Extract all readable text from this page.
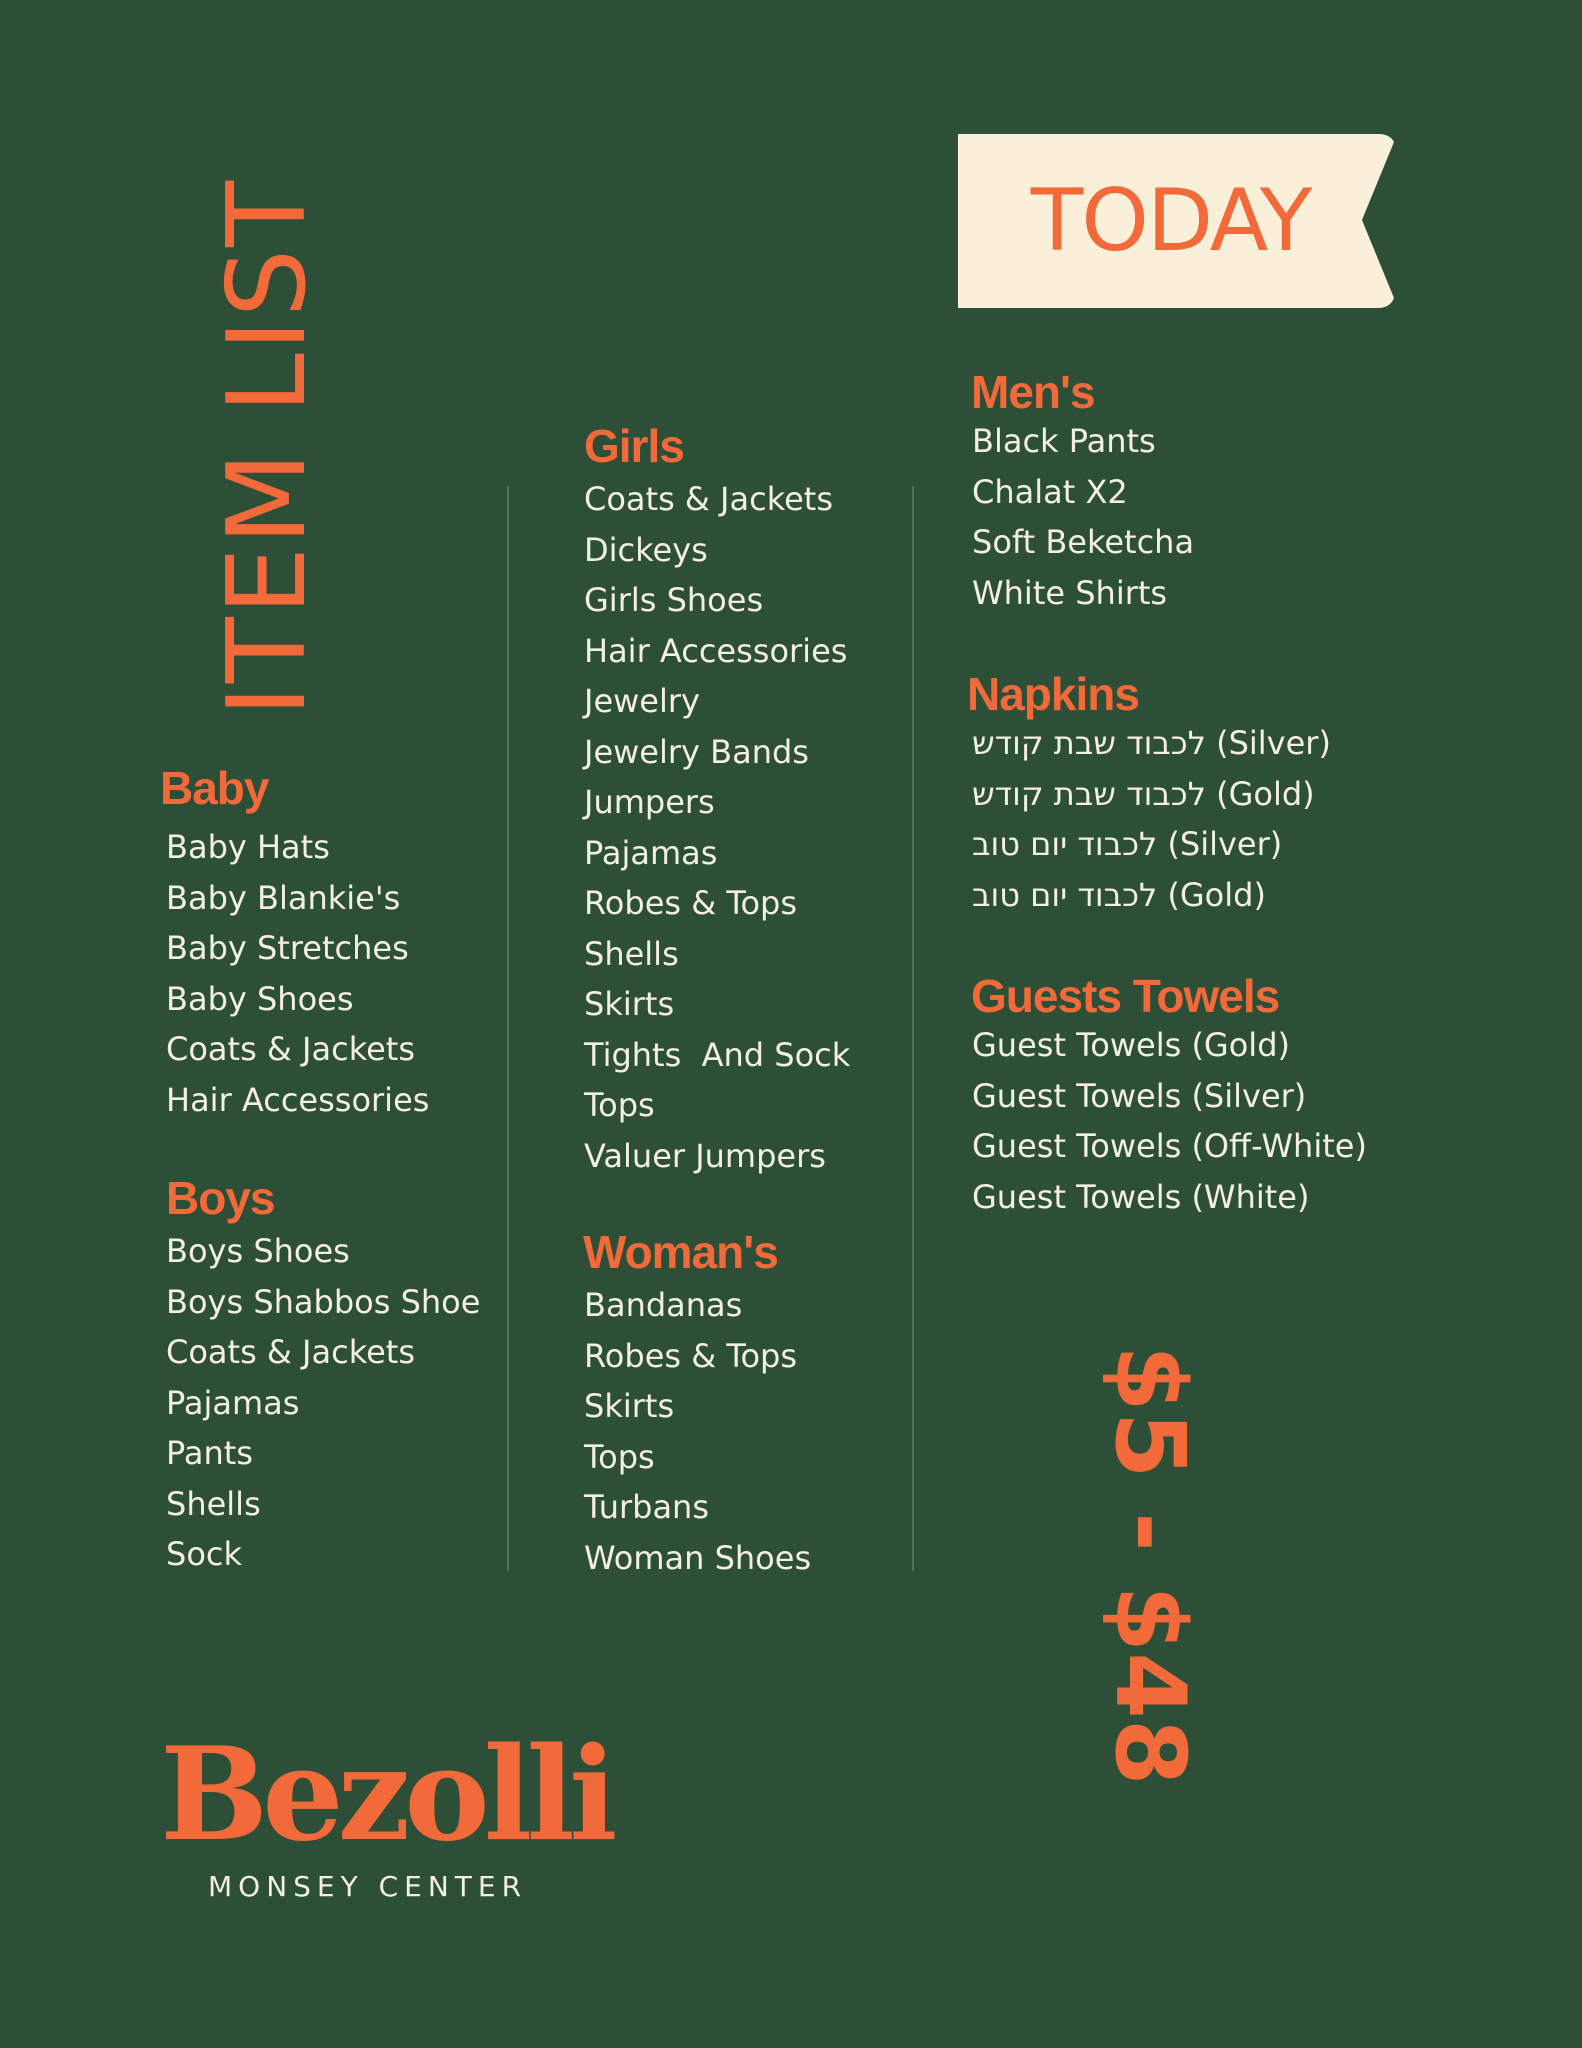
ITEM LIST	TODAY
Baby
Baby Hats
Baby Blankie's
Baby Stretches
Baby Shoes
Coats & Jackets
Hair Accessories
Boys
Boys Shoes
Boys Shabbos Shoe
Coats & Jackets
Pajamas
Pants
Shells
Sock
Girls
Coats & Jackets
Dickeys
Girls Shoes
Hair Accessories
Jewelry
Jewelry Bands
Jumpers
Pajamas
Robes & Tops
Shells
Skirts
Tights  And Sock
Tops
Valuer Jumpers
Woman's
Bandanas
Robes & Tops
Skirts
Tops
Turbans
Woman Shoes
Men's
Black Pants
Chalat X2
Soft Beketcha
White Shirts
Napkins
לכבוד שבת קודש (Silver)
לכבוד שבת קודש (Gold)
לכבוד יום טוב (Silver)
לכבוד יום טוב (Gold)
Guests Towels
Guest Towels (Gold)
Guest Towels (Silver)
Guest Towels (Off-White)
Guest Towels (White)
$5 - $48
Bezolli
MONSEY CENTER
